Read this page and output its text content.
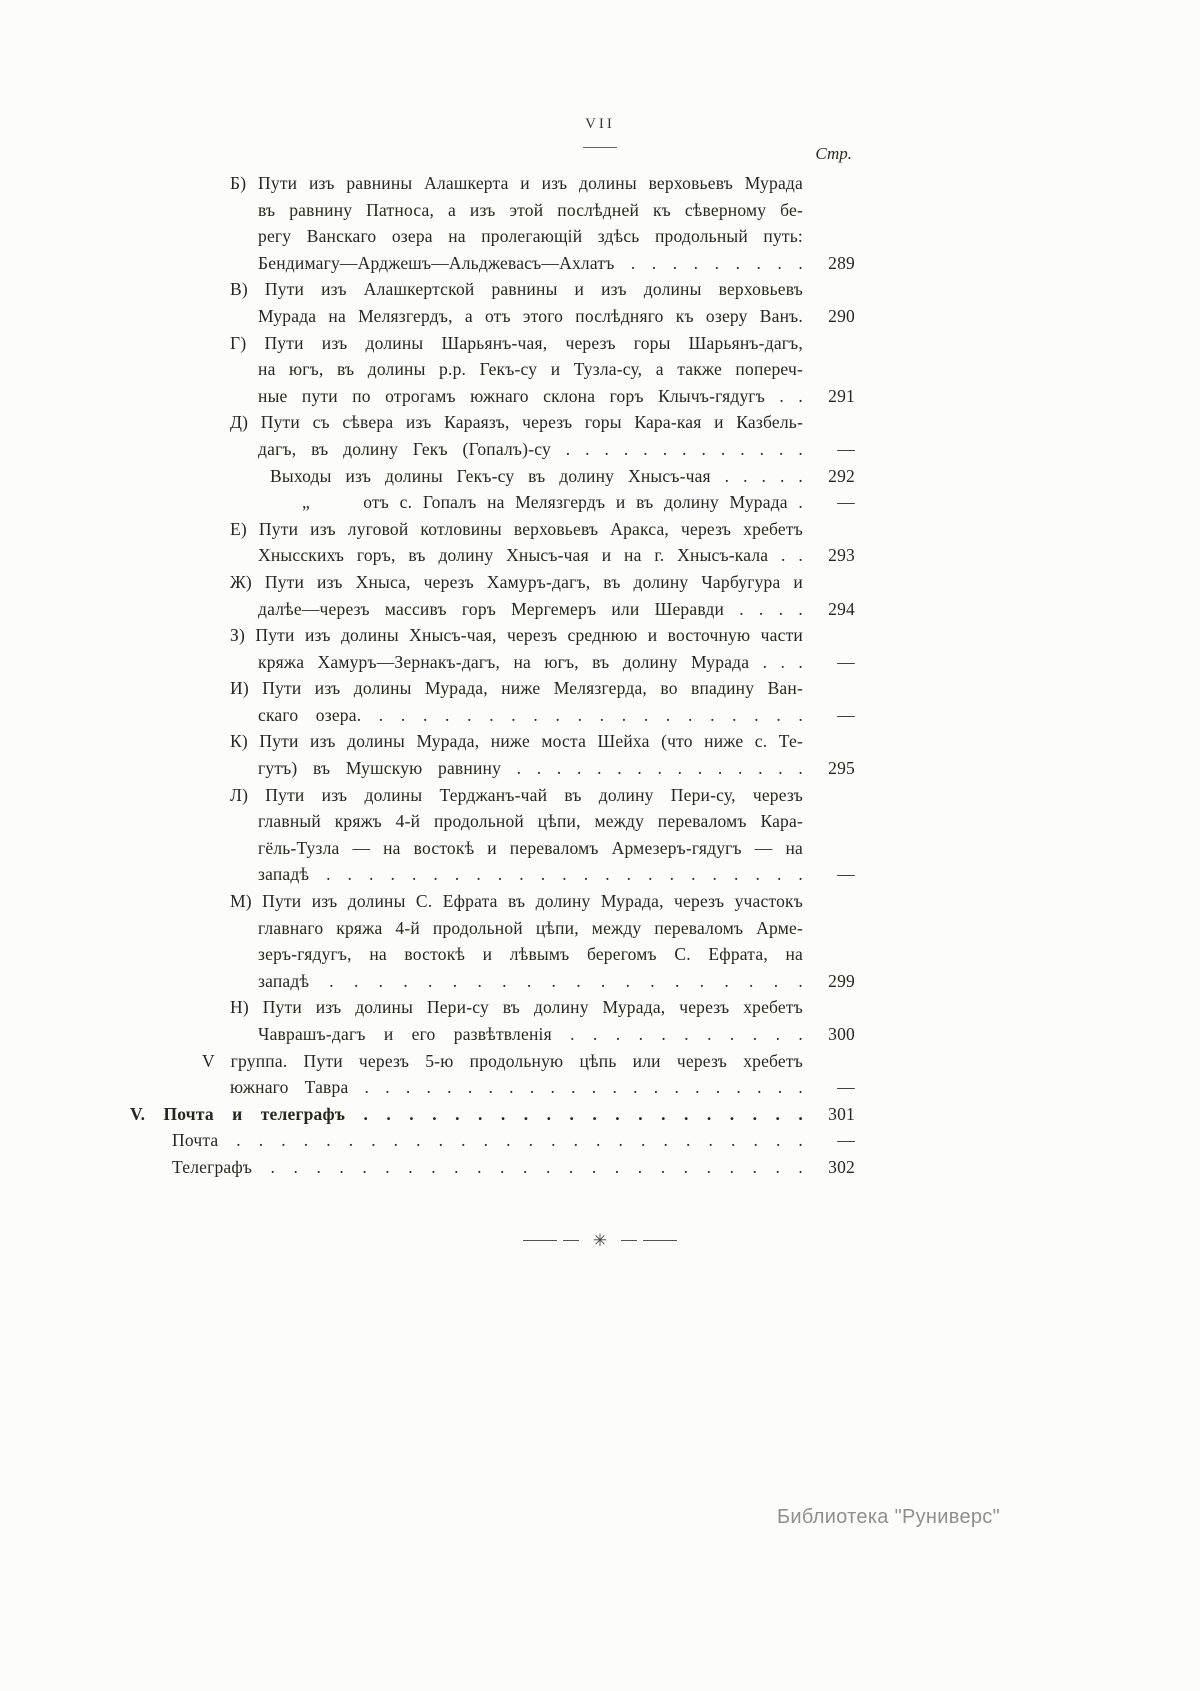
VII
Стр.
Б) Пути изъ равнины Алашкерта и изъ долины верховьевъ Мурада
въ равнину Патноса, а изъ этой послѣдней къ сѣверному бе-
регу Ванскаго озера на пролегающій здѣсь продольный путь:
Бендимагу—Арджешъ—Альджевасъ—Ахлатъ . . . . . . . . .	289
В) Пути изъ Алашкертской равнины и изъ долины верховьевъ
Мурада на Мелязгердъ, а отъ этого послѣдняго къ озеру Ванъ.	290
Г) Пути изъ долины Шарьянъ-чая, черезъ горы Шарьянъ-дагъ,
на югъ, въ долины р.р. Гекъ-су и Тузла-су, а также попереч-
ные пути по отрогамъ южнаго склона горъ Клычъ-гядугъ . .	291
Д) Пути съ сѣвера изъ Караязъ, черезъ горы Кара-кая и Казбель-
дагъ, въ долину Гекъ (Гопалъ)-су . . . . . . . . . . . . .	—
Выходы изъ долины Гекъ-су въ долину Хнысъ-чая . . . . .	292
„     отъ с. Гопалъ на Мелязгердъ и въ долину Мурада .	—
Е) Пути изъ луговой котловины верховьевъ Аракса, черезъ хребетъ
Хнысскихъ горъ, въ долину Хнысъ-чая и на г. Хнысъ-кала . .	293
Ж) Пути изъ Хныса, черезъ Хамуръ-дагъ, въ долину Чарбугура и
далѣе—черезъ массивъ горъ Мергемеръ или Шеравди . . . .	294
З) Пути изъ долины Хнысъ-чая, черезъ среднюю и восточную части
кряжа Хамуръ—Зернакъ-дагъ, на югъ, въ долину Мурада . . .	—
И) Пути изъ долины Мурада, ниже Мелязгерда, во впадину Ван-
скаго озера. . . . . . . . . . . . . . . . . . . . .	—
К) Пути изъ долины Мурада, ниже моста Шейха (что ниже с. Те-
гутъ) въ Мушскую равнину . . . . . . . . . . . . . . .	295
Л) Пути изъ долины Терджанъ-чай въ долину Пери-су, черезъ
главный кряжъ 4-й продольной цѣпи, между переваломъ Кара-
гёль-Тузла — на востокѣ и переваломъ Армезеръ-гядугъ — на
западѣ . . . . . . . . . . . . . . . . . . . . . . .	—
М) Пути изъ долины С. Ефрата въ долину Мурада, черезъ участокъ
главнаго кряжа 4-й продольной цѣпи, между переваломъ Арме-
зеръ-гядугъ, на востокѣ и лѣвымъ берегомъ С. Ефрата, на
западѣ . . . . . . . . . . . . . . . . . . . .	299
Н) Пути изъ долины Пери-су въ долину Мурада, черезъ хребетъ
Чаврашъ-дагъ и его развѣтвленія . . . . . . . . . . .	300
V группа. Пути черезъ 5-ю продольную цѣпь или черезъ хребетъ
южнаго Тавра . . . . . . . . . . . . . . . . . . . . . .	—
V. Почта и телеграфъ . . . . . . . . . . . . . . . . . . . .	301
Почта . . . . . . . . . . . . . . . . . . . . . . . . . .	—
Телеграфъ . . . . . . . . . . . . . . . . . . . . . . . .	302
✳
Библиотека "Руниверс"
